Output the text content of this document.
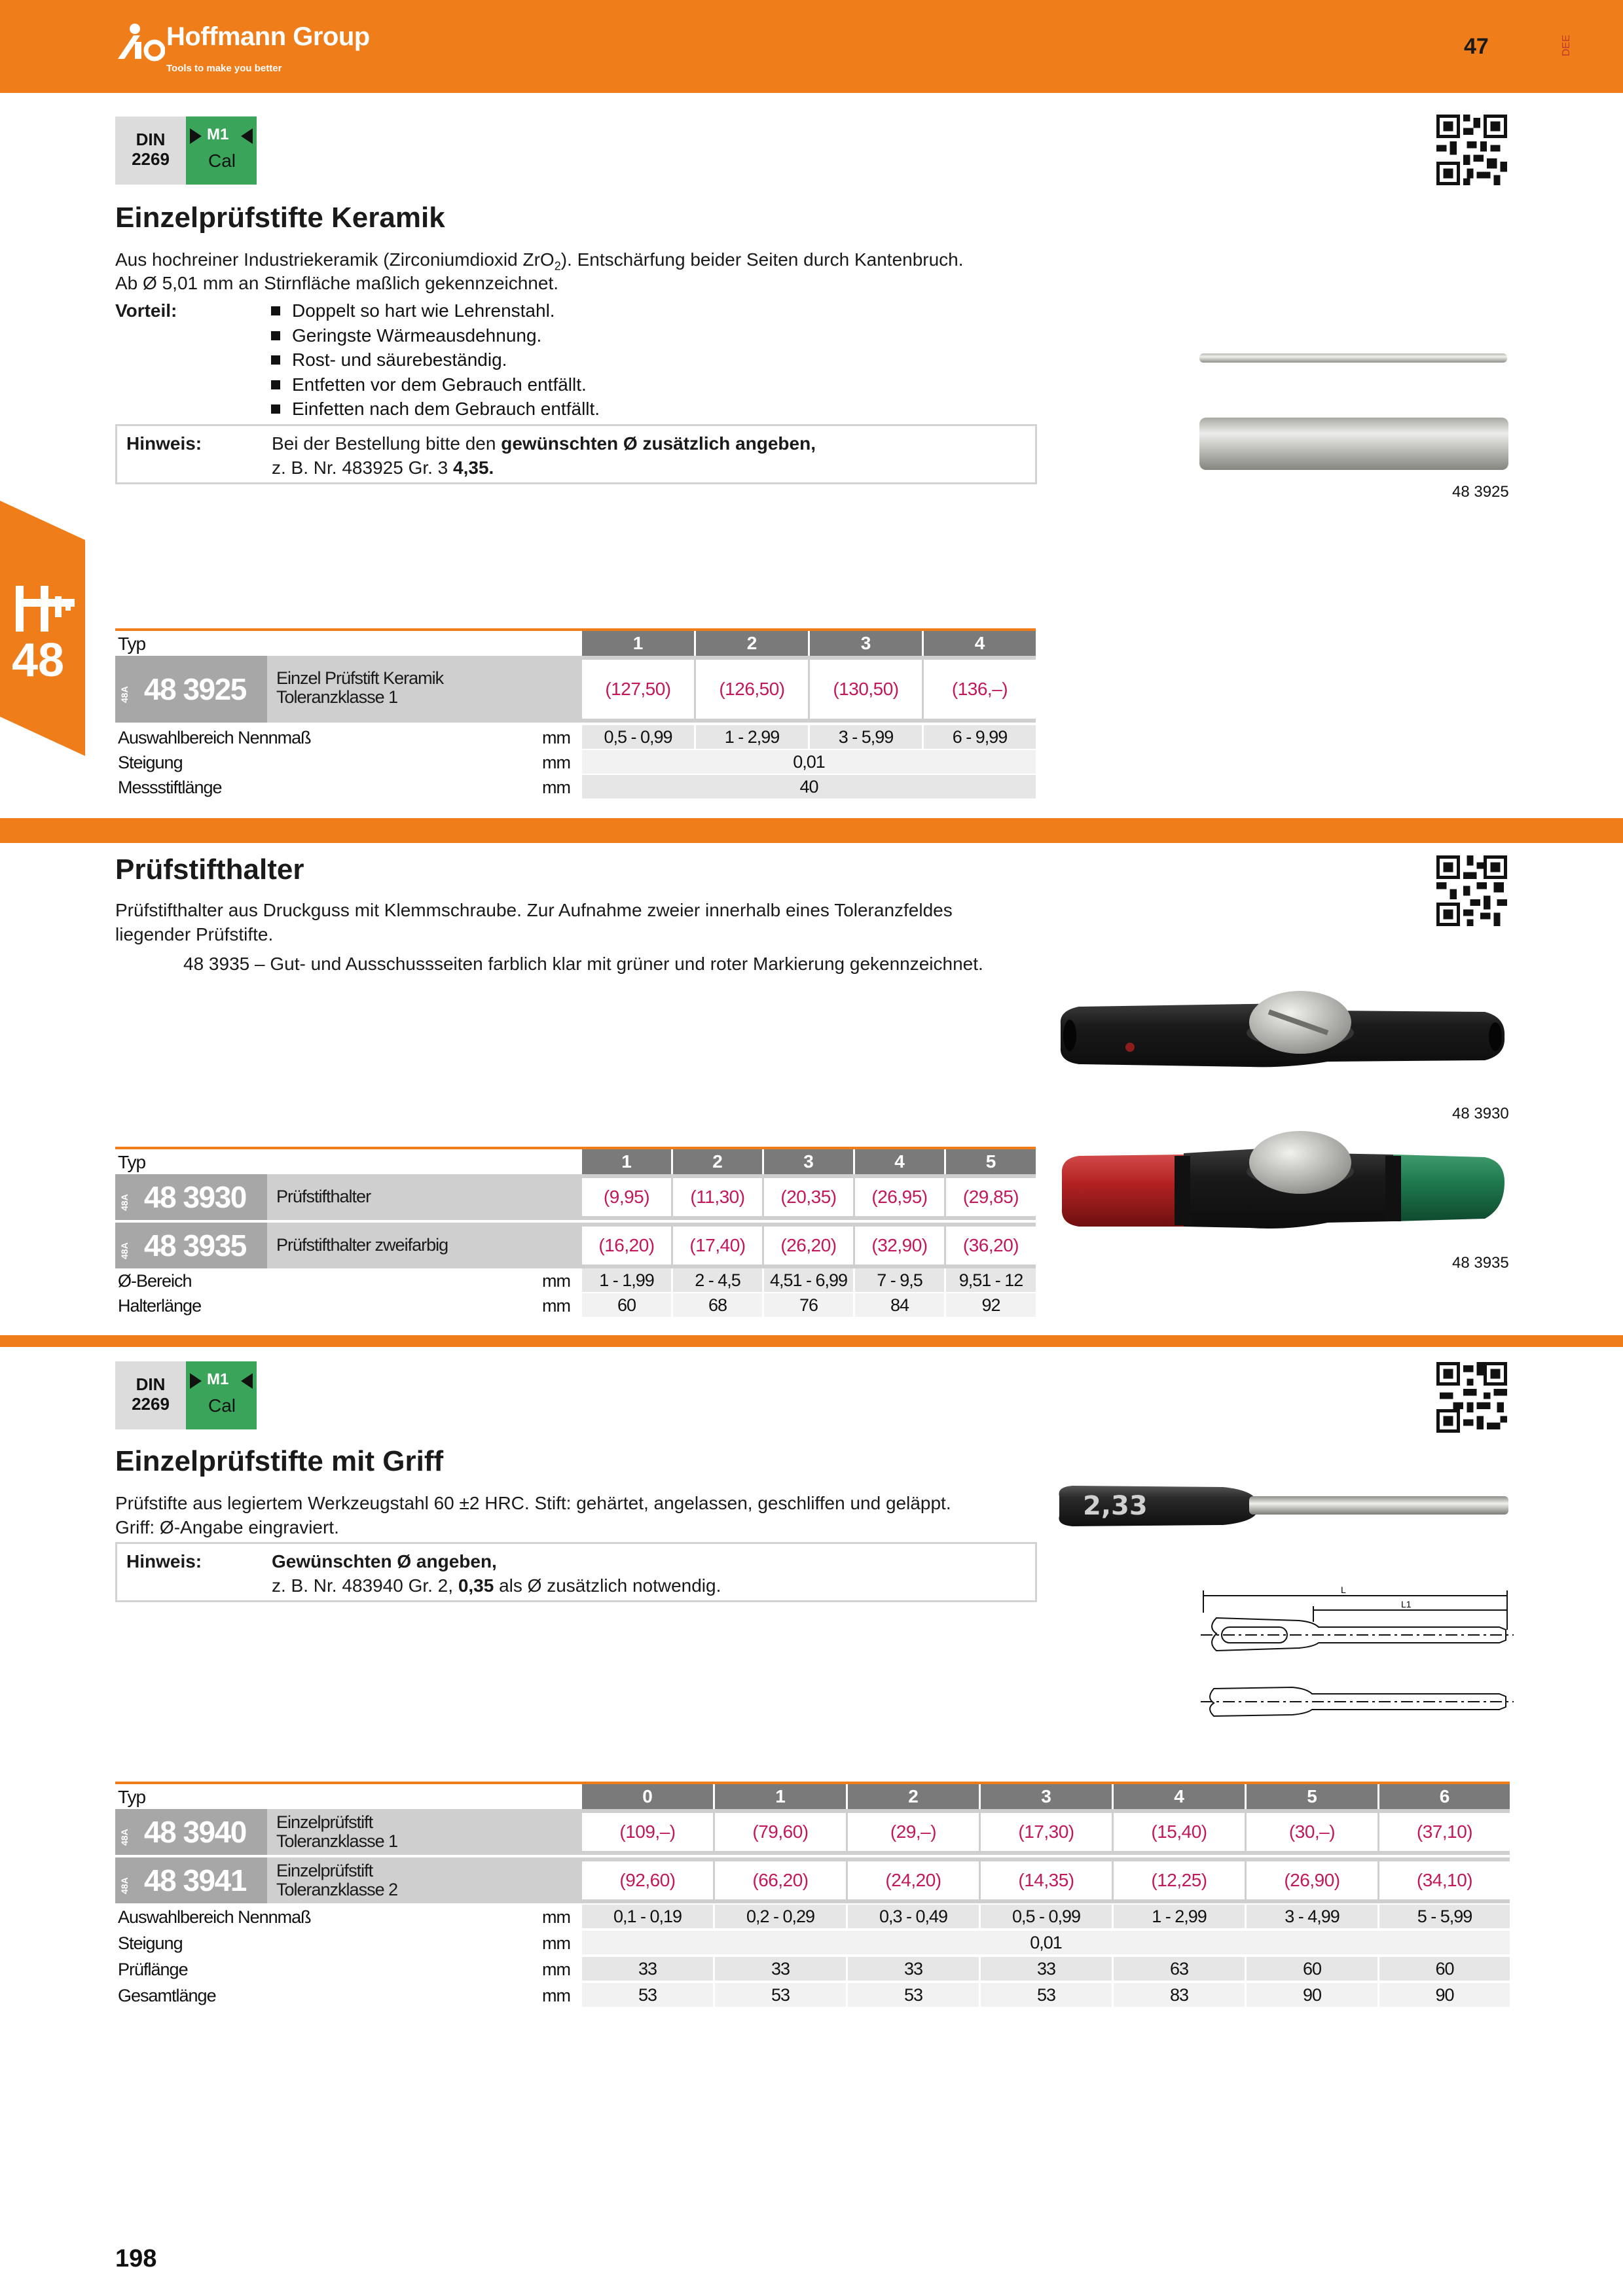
Hoffmann Group
Tools to make you better
47	DEE
48
DIN
2269
M1
Cal
Einzelprüfstifte Keramik
Aus hochreiner Industriekeramik (Zirconiumdioxid ZrO$_2$). Entschärfung beider Seiten durch Kantenbruch.
Ab Ø 5,01 mm an Stirnfläche maßlich gekennzeichnet.
Vorteil:	Doppelt so hart wie Lehrenstahl.
Geringste Wärmeausdehnung.
Rost- und säurebeständig.
Entfetten vor dem Gebrauch entfällt.
Einfetten nach dem Gebrauch entfällt.
Hinweis:	Bei der Bestellung bitte den gewünschten Ø zusätzlich angeben,
z. B. Nr. 483925 Gr. 3 4,35.
48 3925
Typ	1	2	3	4
48A 48 3925 Einzel Prüfstift Keramik
Toleranzklasse 1	(127,50)	(126,50)	(130,50)	(136,–)
Auswahlbereich Nennmaß	mm	0,5 - 0,99	1 - 2,99	3 - 5,99	6 - 9,99
Steigung	mm	0,01
Messstiftlänge	mm	40
Prüfstifthalter
Prüfstifthalter aus Druckguss mit Klemmschraube. Zur Aufnahme zweier innerhalb eines Toleranzfeldes
liegender Prüfstifte.
48 3935 – Gut- und Ausschussseiten farblich klar mit grüner und roter Markierung gekennzeichnet.
48 3930
48 3935
Typ	1	2	3	4	5
48A 48 3930 Prüfstifthalter	(9,95)	(11,30)	(20,35)	(26,95)	(29,85)
48A 48 3935 Prüfstifthalter zweifarbig	(16,20)	(17,40)	(26,20)	(32,90)	(36,20)
Ø-Bereich	mm	1 - 1,99	2 - 4,5	4,51 - 6,99	7 - 9,5	9,51 - 12
Halterlänge	mm	60	68	76	84	92
DIN
2269
M1
Cal
Einzelprüfstifte mit Griff
Prüfstifte aus legiertem Werkzeugstahl 60 ±2 HRC. Stift: gehärtet, angelassen, geschliffen und geläppt.
Griff: Ø-Angabe eingraviert.
Hinweis:	Gewünschten Ø angeben,
z. B. Nr. 483940 Gr. 2, 0,35 als Ø zusätzlich notwendig.
2,33
L
L1
Typ	0	1	2	3	4	5	6
48A 48 3940 Einzelprüfstift
Toleranzklasse 1	(109,–)	(79,60)	(29,–)	(17,30)	(15,40)	(30,–)	(37,10)
48A 48 3941 Einzelprüfstift
Toleranzklasse 2	(92,60)	(66,20)	(24,20)	(14,35)	(12,25)	(26,90)	(34,10)
Auswahlbereich Nennmaß	mm	0,1 - 0,19	0,2 - 0,29	0,3 - 0,49	0,5 - 0,99	1 - 2,99	3 - 4,99	5 - 5,99
Steigung	mm	0,01
Prüflänge	mm	33	33	33	33	63	60	60
Gesamtlänge	mm	53	53	53	53	83	90	90
198
